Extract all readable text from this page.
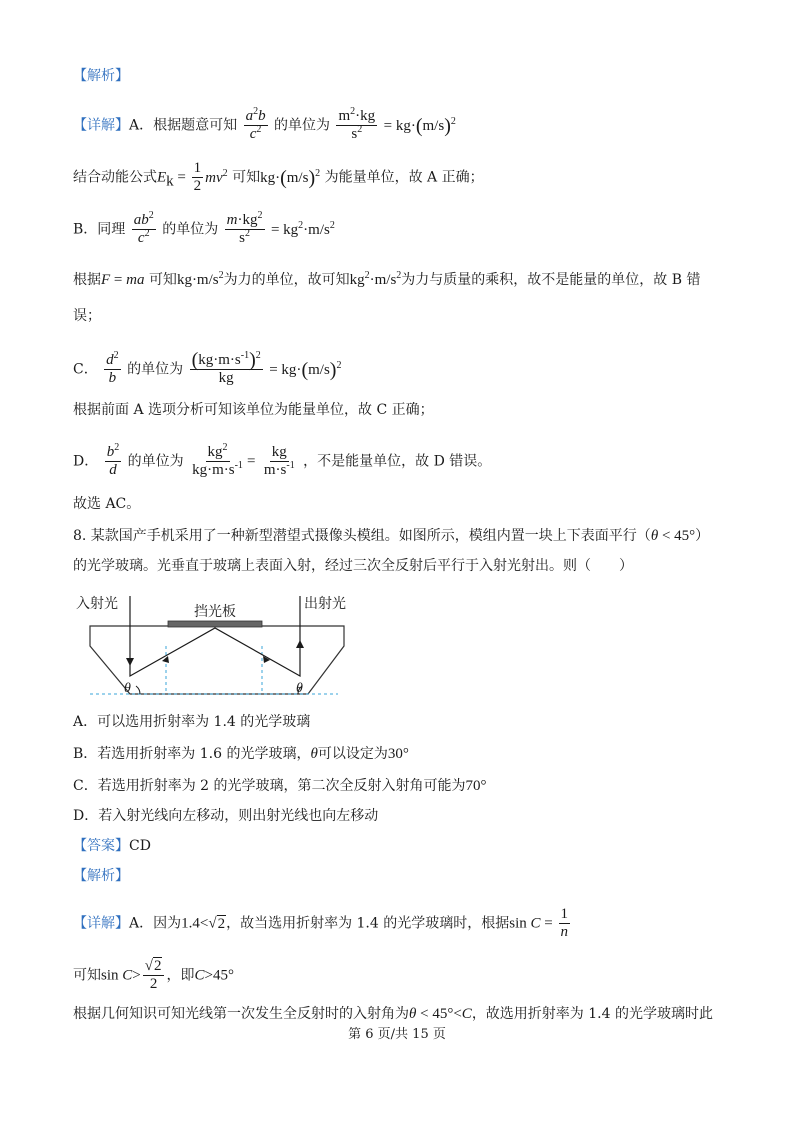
【解析】
【详解】A．根据题意可知 $\frac{a^2b}{c^2}$ 的单位为 $\frac{m^2\cdot kg}{s^2} = kg\cdot(m/s)^2$
结合动能公式$E_k = \frac{1}{2} mv^2$ 可知$kg\cdot(m/s)^2$ 为能量单位，故 A 正确；
B．同理 $\frac{ab^2}{c^2}$ 的单位为 $\frac{m\cdot kg^2}{s^2} = kg^2\cdot m/s^2$
根据F = ma 可知$kg\cdot m/s^2$为力的单位，故可知$kg^2\cdot m/s^2$为力与质量的乘积，故不是能量的单位，故 B 错
误；
C． $\frac{d^2}{b}$ 的单位为 $\frac{(kg\cdot m\cdot s^{-1})^2}{kg} = kg\cdot(m/s)^2$
根据前面 A 选项分析可知该单位为能量单位，故 C 正确；
D． $\frac{b^2}{d}$ 的单位为 $\frac{kg^2}{kg\cdot m\cdot s^{-1}} = \frac{kg}{m\cdot s^{-1}}$ ，不是能量单位，故 D 错误。
故选 AC。
8. 某款国产手机采用了一种新型潜望式摄像头模组。如图所示，模组内置一块上下表面平行（θ < 45°）
的光学玻璃。光垂直于玻璃上表面入射，经过三次全反射后平行于入射光射出。则（　　）
入射光	挡光板	出射光
θ	θ
A．可以选用折射率为 1.4 的光学玻璃
B．若选用折射率为 1.6 的光学玻璃，θ可以设定为30°
C．若选用折射率为 2 的光学玻璃，第二次全反射入射角可能为70°
D．若入射光线向左移动，则出射光线也向左移动
【答案】CD
【解析】
【详解】A．因为1.4<√2，故当选用折射率为 1.4 的光学玻璃时，根据$\sin C = \frac{1}{n}$
可知$\sin C> \frac{√2}{2}$ ，即C>45°
根据几何知识可知光线第一次发生全反射时的入射角为θ < 45°<C，故选用折射率为 1.4 的光学玻璃时此
第 6 页/共 15 页
